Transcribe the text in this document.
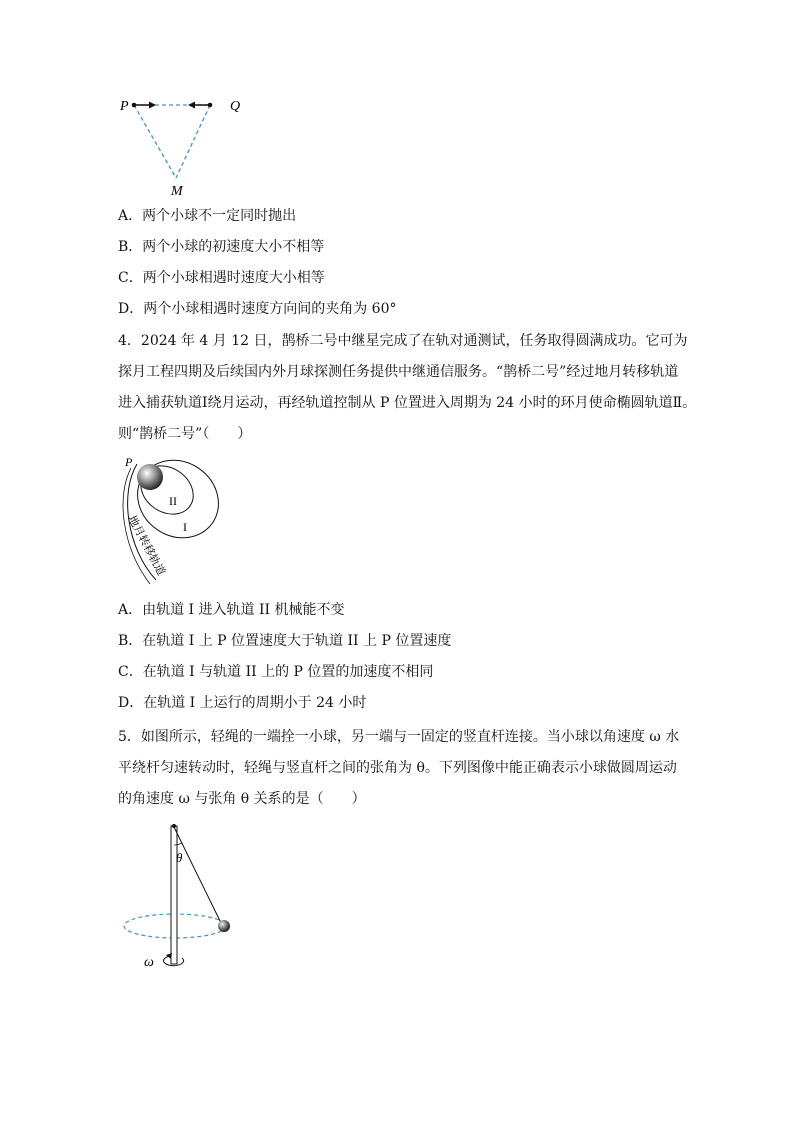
P	Q
M
A．两个小球不一定同时抛出
B．两个小球的初速度大小不相等
C．两个小球相遇时速度大小相等
D．两个小球相遇时速度方向间的夹角为 60°
4．2024 年 4 月 12 日，鹊桥二号中继星完成了在轨对通测试，任务取得圆满成功。它可为
探月工程四期及后续国内外月球探测任务提供中继通信服务。“鹊桥二号”经过地月转移轨道
进入捕获轨道Ⅰ绕月运动，再经轨道控制从 P 位置进入周期为 24 小时的环月使命椭圆轨道Ⅱ。
则“鹊桥二号”（　　）
P
II
I
地月转移轨道
A．由轨道 I 进入轨道 II 机械能不变
B．在轨道 I 上 P 位置速度大于轨道 II 上 P 位置速度
C．在轨道 I 与轨道 II 上的 P 位置的加速度不相同
D．在轨道 I 上运行的周期小于 24 小时
5．如图所示，轻绳的一端拴一小球，另一端与一固定的竖直杆连接。当小球以角速度 ω 水
平绕杆匀速转动时，轻绳与竖直杆之间的张角为 θ。下列图像中能正确表示小球做圆周运动
的角速度 ω 与张角 θ 关系的是（　　）
θ
ω
